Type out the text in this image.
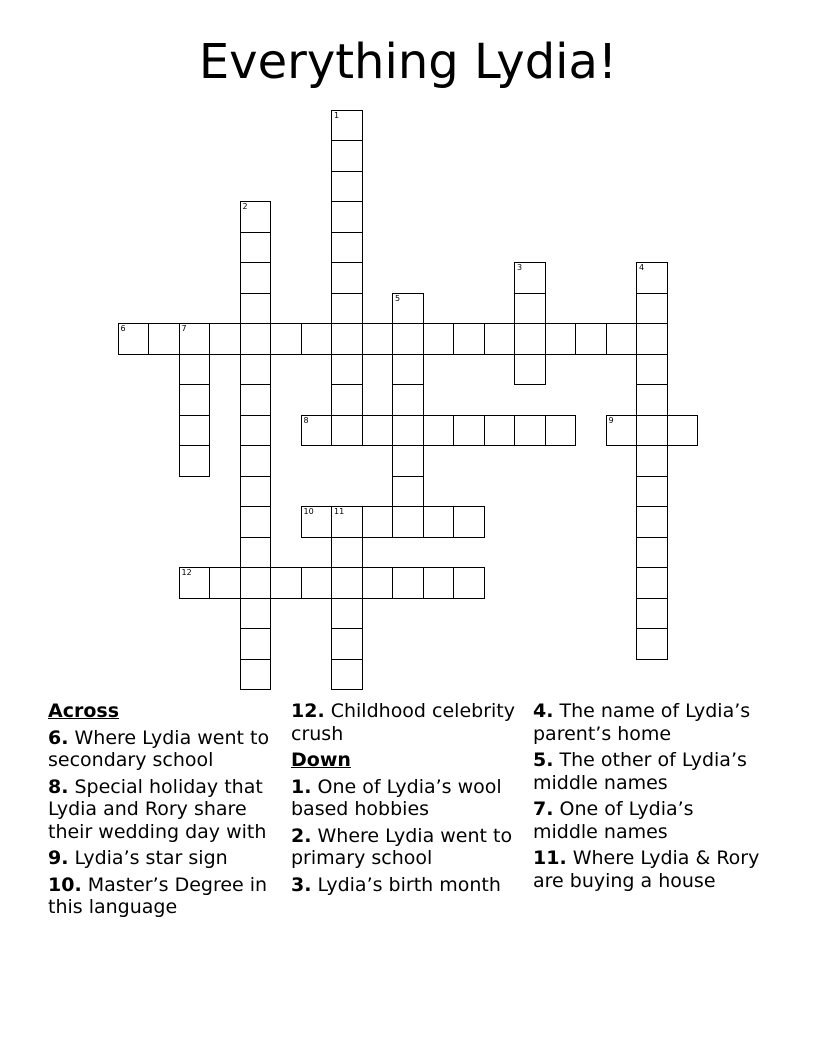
Everything Lydia!
1
2
3	4
5
6	7
8	9
10	11
12
Across
6. Where Lydia went to secondary school
8. Special holiday that Lydia and Rory share their wedding day with
9. Lydia’s star sign
10. Master’s Degree in this language
12. Childhood celebrity crush
Down
1. One of Lydia’s wool based hobbies
2. Where Lydia went to primary school
3. Lydia’s birth month
4. The name of Lydia’s parent’s home
5. The other of Lydia’s middle names
7. One of Lydia’s middle names
11. Where Lydia & Rory are buying a house
